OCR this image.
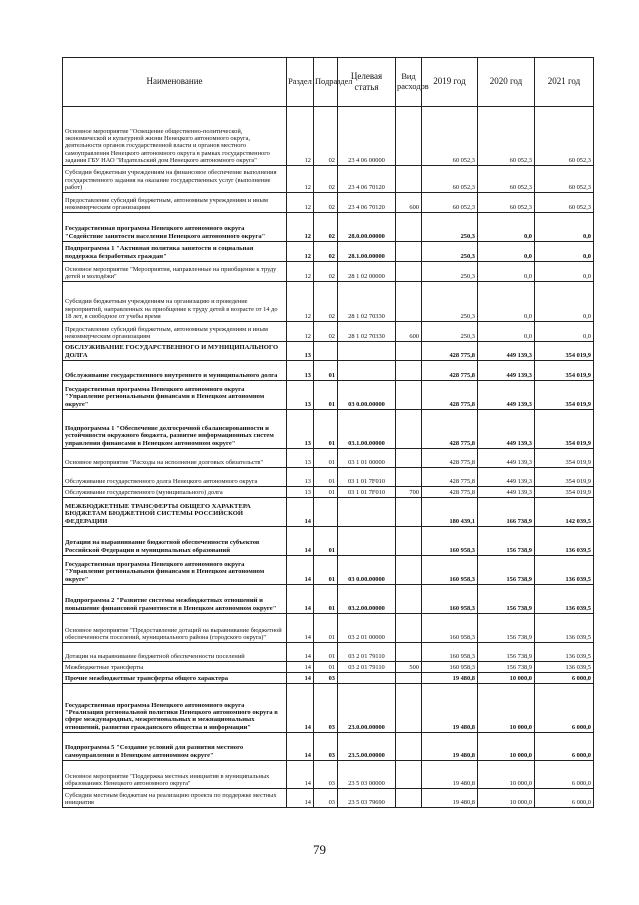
Наименование	Раздел	Подраздел	Целевая статья	Вид расходов	2019 год	2020 год	2021 год
Основное мероприятие "Освещение общественно-политической, экономической и культурной жизни Ненецкого автономного округа, деятельности органов государственной власти и органов местного самоуправления Ненецкого автономного округа в рамках государственного задания ГБУ НАО "Издательский дом Ненецкого автономного округа"	12	02	23 4 06 00000		60 052,3	60 052,3	60 052,3
Субсидии бюджетным учреждениям на финансовое обеспечение выполнения государственного задания на оказание государственных услуг (выполнение работ)	12	02	23 4 06 70120		60 052,3	60 052,3	60 052,3
Предоставление субсидий бюджетным, автономным учреждениям и иным некоммерческим организациям	12	02	23 4 06 70120	600	60 052,3	60 052,3	60 052,3
Государственная программа Ненецкого автономного округа "Содействие занятости населения Ненецкого автономного округа"	12	02	28.0.00.00000		250,3	0,0	0,0
Подпрограмма 1 "Активная политика занятости и социальная поддержка безработных граждан"	12	02	28.1.00.00000		250,3	0,0	0,0
Основное мероприятие "Мероприятия, направленные на приобщение к труду детей и молодёжи"	12	02	28 1 02 00000		250,3	0,0	0,0
Субсидии бюджетным учреждениям на организацию и проведение мероприятий, направленных на приобщение к труду детей в возрасте от 14 до 18 лет, в свободное от учебы время	12	02	28 1 02 70330		250,3	0,0	0,0
Предоставление субсидий бюджетным, автономным учреждениям и иным некоммерческим организациям	12	02	28 1 02 70330	600	250,3	0,0	0,0
ОБСЛУЖИВАНИЕ ГОСУДАРСТВЕННОГО И МУНИЦИПАЛЬНОГО ДОЛГА	13				428 775,8	449 139,3	354 019,9
Обслуживание государственного внутреннего и муниципального долга	13	01			428 775,8	449 139,3	354 019,9
Государственная программа Ненецкого автономного округа "Управление региональными финансами в Ненецком автономном округе"	13	01	03 0.00.00000		428 775,8	449 139,3	354 019,9
Подпрограмма 1 "Обеспечение долгосрочной сбалансированности и устойчивости окружного бюджета, развитие информационных систем управления финансами в Ненецком автономном округе"	13	01	03.1.00.00000		428 775,8	449 139,3	354 019,9
Основное мероприятие "Расходы на исполнение долговых обязательств"	13	01	03 1 01 00000		428 775,8	449 139,3	354 019,9
Обслуживание государственного долга Ненецкого автономного округа	13	01	03 1 01 7F010		428 775,8	449 139,3	354 019,9
Обслуживание государственного (муниципального) долга	13	01	03 1 01 7F010	700	428 775,8	449 139,3	354 019,9
МЕЖБЮДЖЕТНЫЕ ТРАНСФЕРТЫ ОБЩЕГО ХАРАКТЕРА БЮДЖЕТАМ БЮДЖЕТНОЙ СИСТЕМЫ РОССИЙСКОЙ ФЕДЕРАЦИИ	14				180 439,1	166 738,9	142 039,5
Дотации на выравнивание бюджетной обеспеченности субъектов Российской Федерации и муниципальных образований	14	01			160 958,3	156 738,9	136 039,5
Государственная программа Ненецкого автономного округа "Управление региональными финансами в Ненецком автономном округе"	14	01	03 0.00.00000		160 958,3	156 738,9	136 039,5
Подпрограмма 2 "Развитие системы межбюджетных отношений и повышение финансовой грамотности в Ненецком автономном округе"	14	01	03.2.00.00000		160 958,3	156 738,9	136 039,5
Основное мероприятие "Предоставление дотаций на выравнивание бюджетной обеспеченности поселений, муниципального района (городского округа)"	14	01	03 2 01 00000		160 958,3	156 738,9	136 039,5
Дотации на выравнивание бюджетной обеспеченности поселений	14	01	03 2 01 79110		160 958,3	156 738,9	136 039,5
Межбюджетные трансферты	14	01	03 2 01 79110	500	160 958,3	156 738,9	136 039,5
Прочие межбюджетные трансферты общего характера	14	03			19 480,8	10 000,0	6 000,0
Государственная программа Ненецкого автономного округа "Реализация региональной политики Ненецкого автономного округа в сфере международных, межрегиональных и межнациональных отношений, развития гражданского общества и информации"	14	03	23.0.00.00000		19 480,8	10 000,0	6 000,0
Подпрограмма 5 "Создание условий для развития местного самоуправления в Ненецком автономном округе"	14	03	23.5.00.00000		19 480,8	10 000,0	6 000,0
Основное мероприятие "Поддержка местных инициатив в муниципальных образованиях Ненецкого автономного округа"	14	03	23 5 03 00000		19 480,8	10 000,0	6 000,0
Субсидии местным бюджетам на реализацию проекта по поддержке местных инициатив	14	03	23 5 03 79690		19 480,8	10 000,0	6 000,0
79
